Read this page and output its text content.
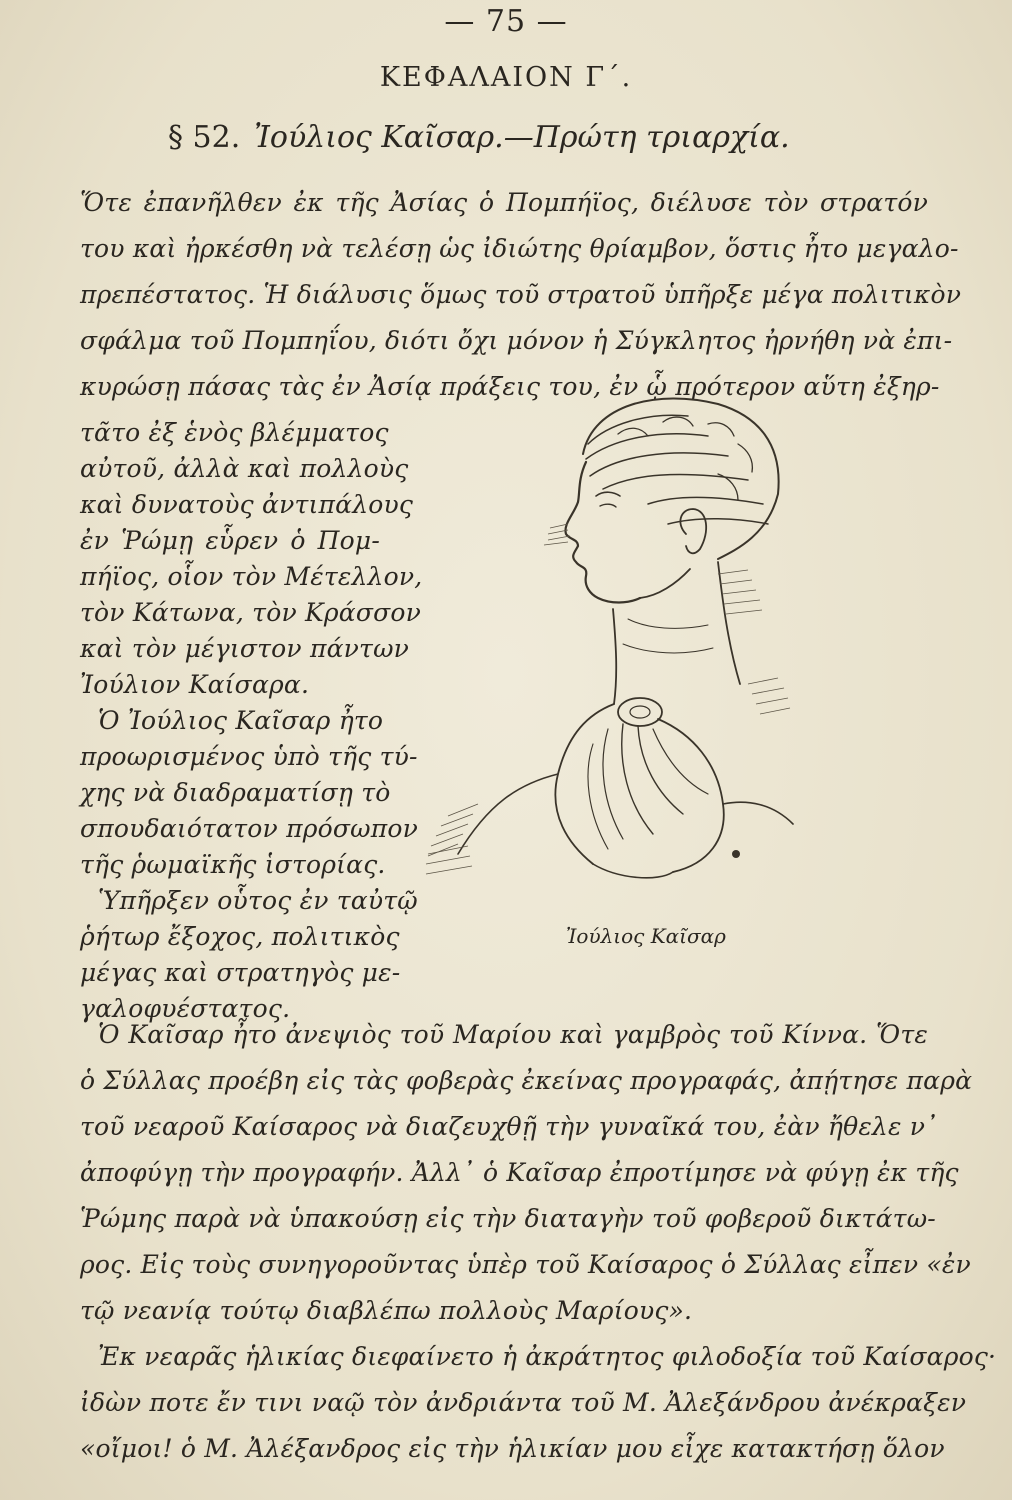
— 75 —
ΚΕΦΑΛΑΙΟΝ Γ΄.
§ 52. Ἰούλιος Καῖσαρ.—Πρώτη τριαρχία.
Ὅτε ἐπανῆλθεν ἐκ τῆς Ἀσίας ὁ Πομπήϊος, διέλυσε τὸν στρατόν
του καὶ ἠρκέσθη νὰ τελέσῃ ὡς ἰδιώτης θρίαμβον, ὅστις ἦτο μεγαλο-
πρεπέστατος. Ἡ διάλυσις ὅμως τοῦ στρατοῦ ὑπῆρξε μέγα πολιτικὸν
σφάλμα τοῦ Πομπηΐου, διότι ὄχι μόνον ἡ Σύγκλητος ἠρνήθη νὰ ἐπι-
κυρώσῃ πάσας τὰς ἐν Ἀσίᾳ πράξεις του, ἐν ᾧ πρότερον αὕτη ἐξηρ-
τᾶτο ἐξ ἑνὸς βλέμματος
αὐτοῦ, ἀλλὰ καὶ πολλοὺς
καὶ δυνατοὺς ἀντιπάλους
ἐν Ῥώμῃ εὗρεν ὁ Πομ-
πήϊος, οἷον τὸν Μέτελλον,
τὸν Κάτωνα, τὸν Κράσσον
καὶ τὸν μέγιστον πάντων
Ἰούλιον Καίσαρα.
Ὁ Ἰούλιος Καῖσαρ ἦτο
προωρισμένος ὑπὸ τῆς τύ-
χης νὰ διαδραματίσῃ τὸ
σπουδαιότατον πρόσωπον
τῆς ῥωμαϊκῆς ἱστορίας.
Ὑπῆρξεν οὗτος ἐν ταὐτῷ
ῥήτωρ ἔξοχος, πολιτικὸς
μέγας καὶ στρατηγὸς με-
γαλοφυέστατος.
Ἰούλιος Καῖσαρ
Ὁ Καῖσαρ ἦτο ἀνεψιὸς τοῦ Μαρίου καὶ γαμβρὸς τοῦ Κίννα. Ὅτε
ὁ Σύλλας προέβη εἰς τὰς φοβερὰς ἐκείνας προγραφάς, ἀπῄτησε παρὰ
τοῦ νεαροῦ Καίσαρος νὰ διαζευχθῇ τὴν γυναῖκά του, ἐὰν ἤθελε ν᾽
ἀποφύγῃ τὴν προγραφήν. Ἀλλ᾽ ὁ Καῖσαρ ἐπροτίμησε νὰ φύγῃ ἐκ τῆς
Ῥώμης παρὰ νὰ ὑπακούσῃ εἰς τὴν διαταγὴν τοῦ φοβεροῦ δικτάτω-
ρος. Εἰς τοὺς συνηγοροῦντας ὑπὲρ τοῦ Καίσαρος ὁ Σύλλας εἶπεν «ἐν
τῷ νεανίᾳ τούτῳ διαβλέπω πολλοὺς Μαρίους».
Ἐκ νεαρᾶς ἡλικίας διεφαίνετο ἡ ἀκράτητος φιλοδοξία τοῦ Καίσαρος·
ἰδὼν ποτε ἔν τινι ναῷ τὸν ἀνδριάντα τοῦ Μ. Ἀλεξάνδρου ἀνέκραξεν
«οἴμοι! ὁ Μ. Ἀλέξανδρος εἰς τὴν ἡλικίαν μου εἶχε κατακτήσῃ ὅλον
